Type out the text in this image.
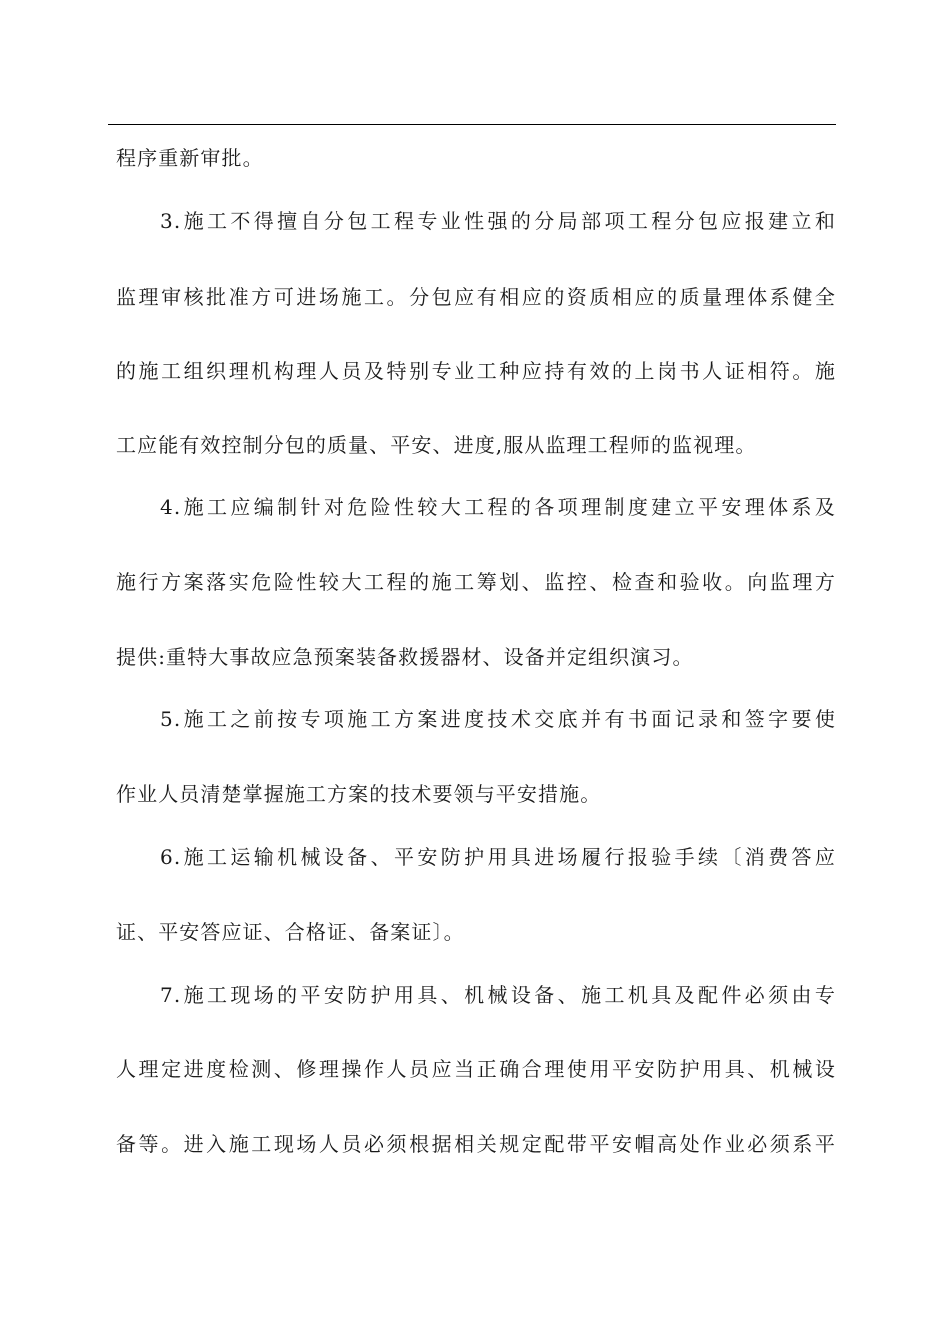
程序重新审批。
3.施工不得擅自分包工程专业性强的分局部项工程分包应报建立和
监理审核批准方可进场施工。分包应有相应的资质相应的质量理体系健全
的施工组织理机构理人员及特别专业工种应持有效的上岗书人证相符。施
工应能有效控制分包的质量、平安、进度,服从监理工程师的监视理。
4.施工应编制针对危险性较大工程的各项理制度建立平安理体系及
施行方案落实危险性较大工程的施工筹划、监控、检查和验收。向监理方
提供:重特大事故应急预案装备救援器材、设备并定组织演习。
5.施工之前按专项施工方案进度技术交底并有书面记录和签字要使
作业人员清楚掌握施工方案的技术要领与平安措施。
6.施工运输机械设备、平安防护用具进场履行报验手续〔消费答应
证、平安答应证、合格证、备案证〕。
7.施工现场的平安防护用具、机械设备、施工机具及配件必须由专
人理定进度检测、修理操作人员应当正确合理使用平安防护用具、机械设
备等。进入施工现场人员必须根据相关规定配带平安帽高处作业必须系平
